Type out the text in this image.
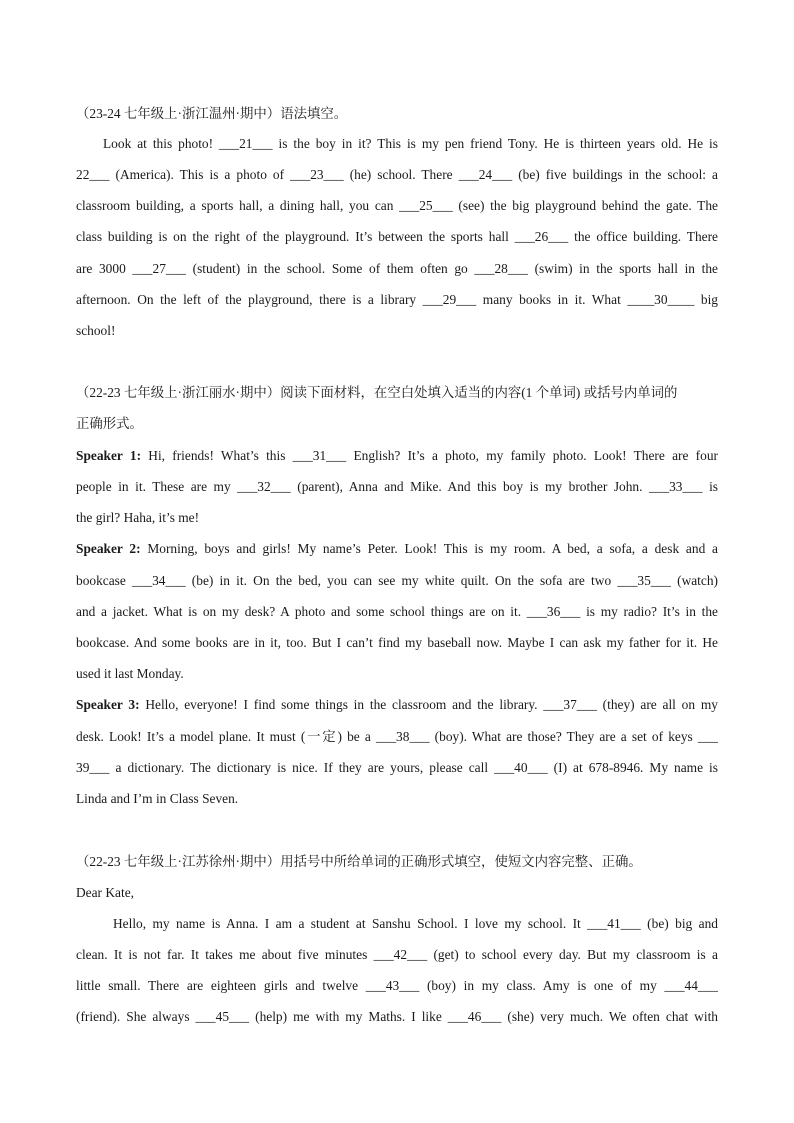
（23-24 七年级上·浙江温州·期中）语法填空。
Look at this photo! ___21___ is the boy in it? This is my pen friend Tony. He is thirteen years old. He is
22___ (America). This is a photo of ___23___ (he) school. There ___24___ (be) five buildings in the school: a
classroom building, a sports hall, a dining hall, you can ___25___ (see) the big playground behind the gate. The
class building is on the right of the playground. It’s between the sports hall ___26___ the office building. There
are 3000 ___27___ (student) in the school. Some of them often go ___28___ (swim) in the sports hall in the
afternoon. On the left of the playground, there is a library ___29___ many books in it. What ____30____ big
school!
（22-23 七年级上·浙江丽水·期中）阅读下面材料，在空白处填入适当的内容(1 个单词) 或括号内单词的
正确形式。
Speaker 1: Hi, friends! What’s this ___31___ English? It’s a photo, my family photo. Look! There are four
people in it. These are my ___32___ (parent), Anna and Mike. And this boy is my brother John. ___33___ is
the girl? Haha, it’s me!
Speaker 2: Morning, boys and girls! My name’s Peter. Look! This is my room. A bed, a sofa, a desk and a
bookcase ___34___ (be) in it. On the bed, you can see my white quilt. On the sofa are two ___35___ (watch)
and a jacket. What is on my desk? A photo and some school things are on it. ___36___ is my radio? It’s in the
bookcase. And some books are in it, too. But I can’t find my baseball now. Maybe I can ask my father for it. He
used it last Monday.
Speaker 3: Hello, everyone! I find some things in the classroom and the library. ___37___ (they) are all on my
desk. Look! It’s a model plane. It must (一定) be a ___38___ (boy). What are those? They are a set of keys ___
39___ a dictionary. The dictionary is nice. If they are yours, please call ___40___ (I) at 678-8946. My name is
Linda and I’m in Class Seven.
（22-23 七年级上·江苏徐州·期中）用括号中所给单词的正确形式填空，使短文内容完整、正确。
Dear Kate,
Hello, my name is Anna. I am a student at Sanshu School. I love my school. It ___41___ (be) big and
clean. It is not far. It takes me about five minutes ___42___ (get) to school every day. But my classroom is a
little small. There are eighteen girls and twelve ___43___ (boy) in my class. Amy is one of my ___44___
(friend). She always ___45___ (help) me with my Maths. I like ___46___ (she) very much. We often chat with
